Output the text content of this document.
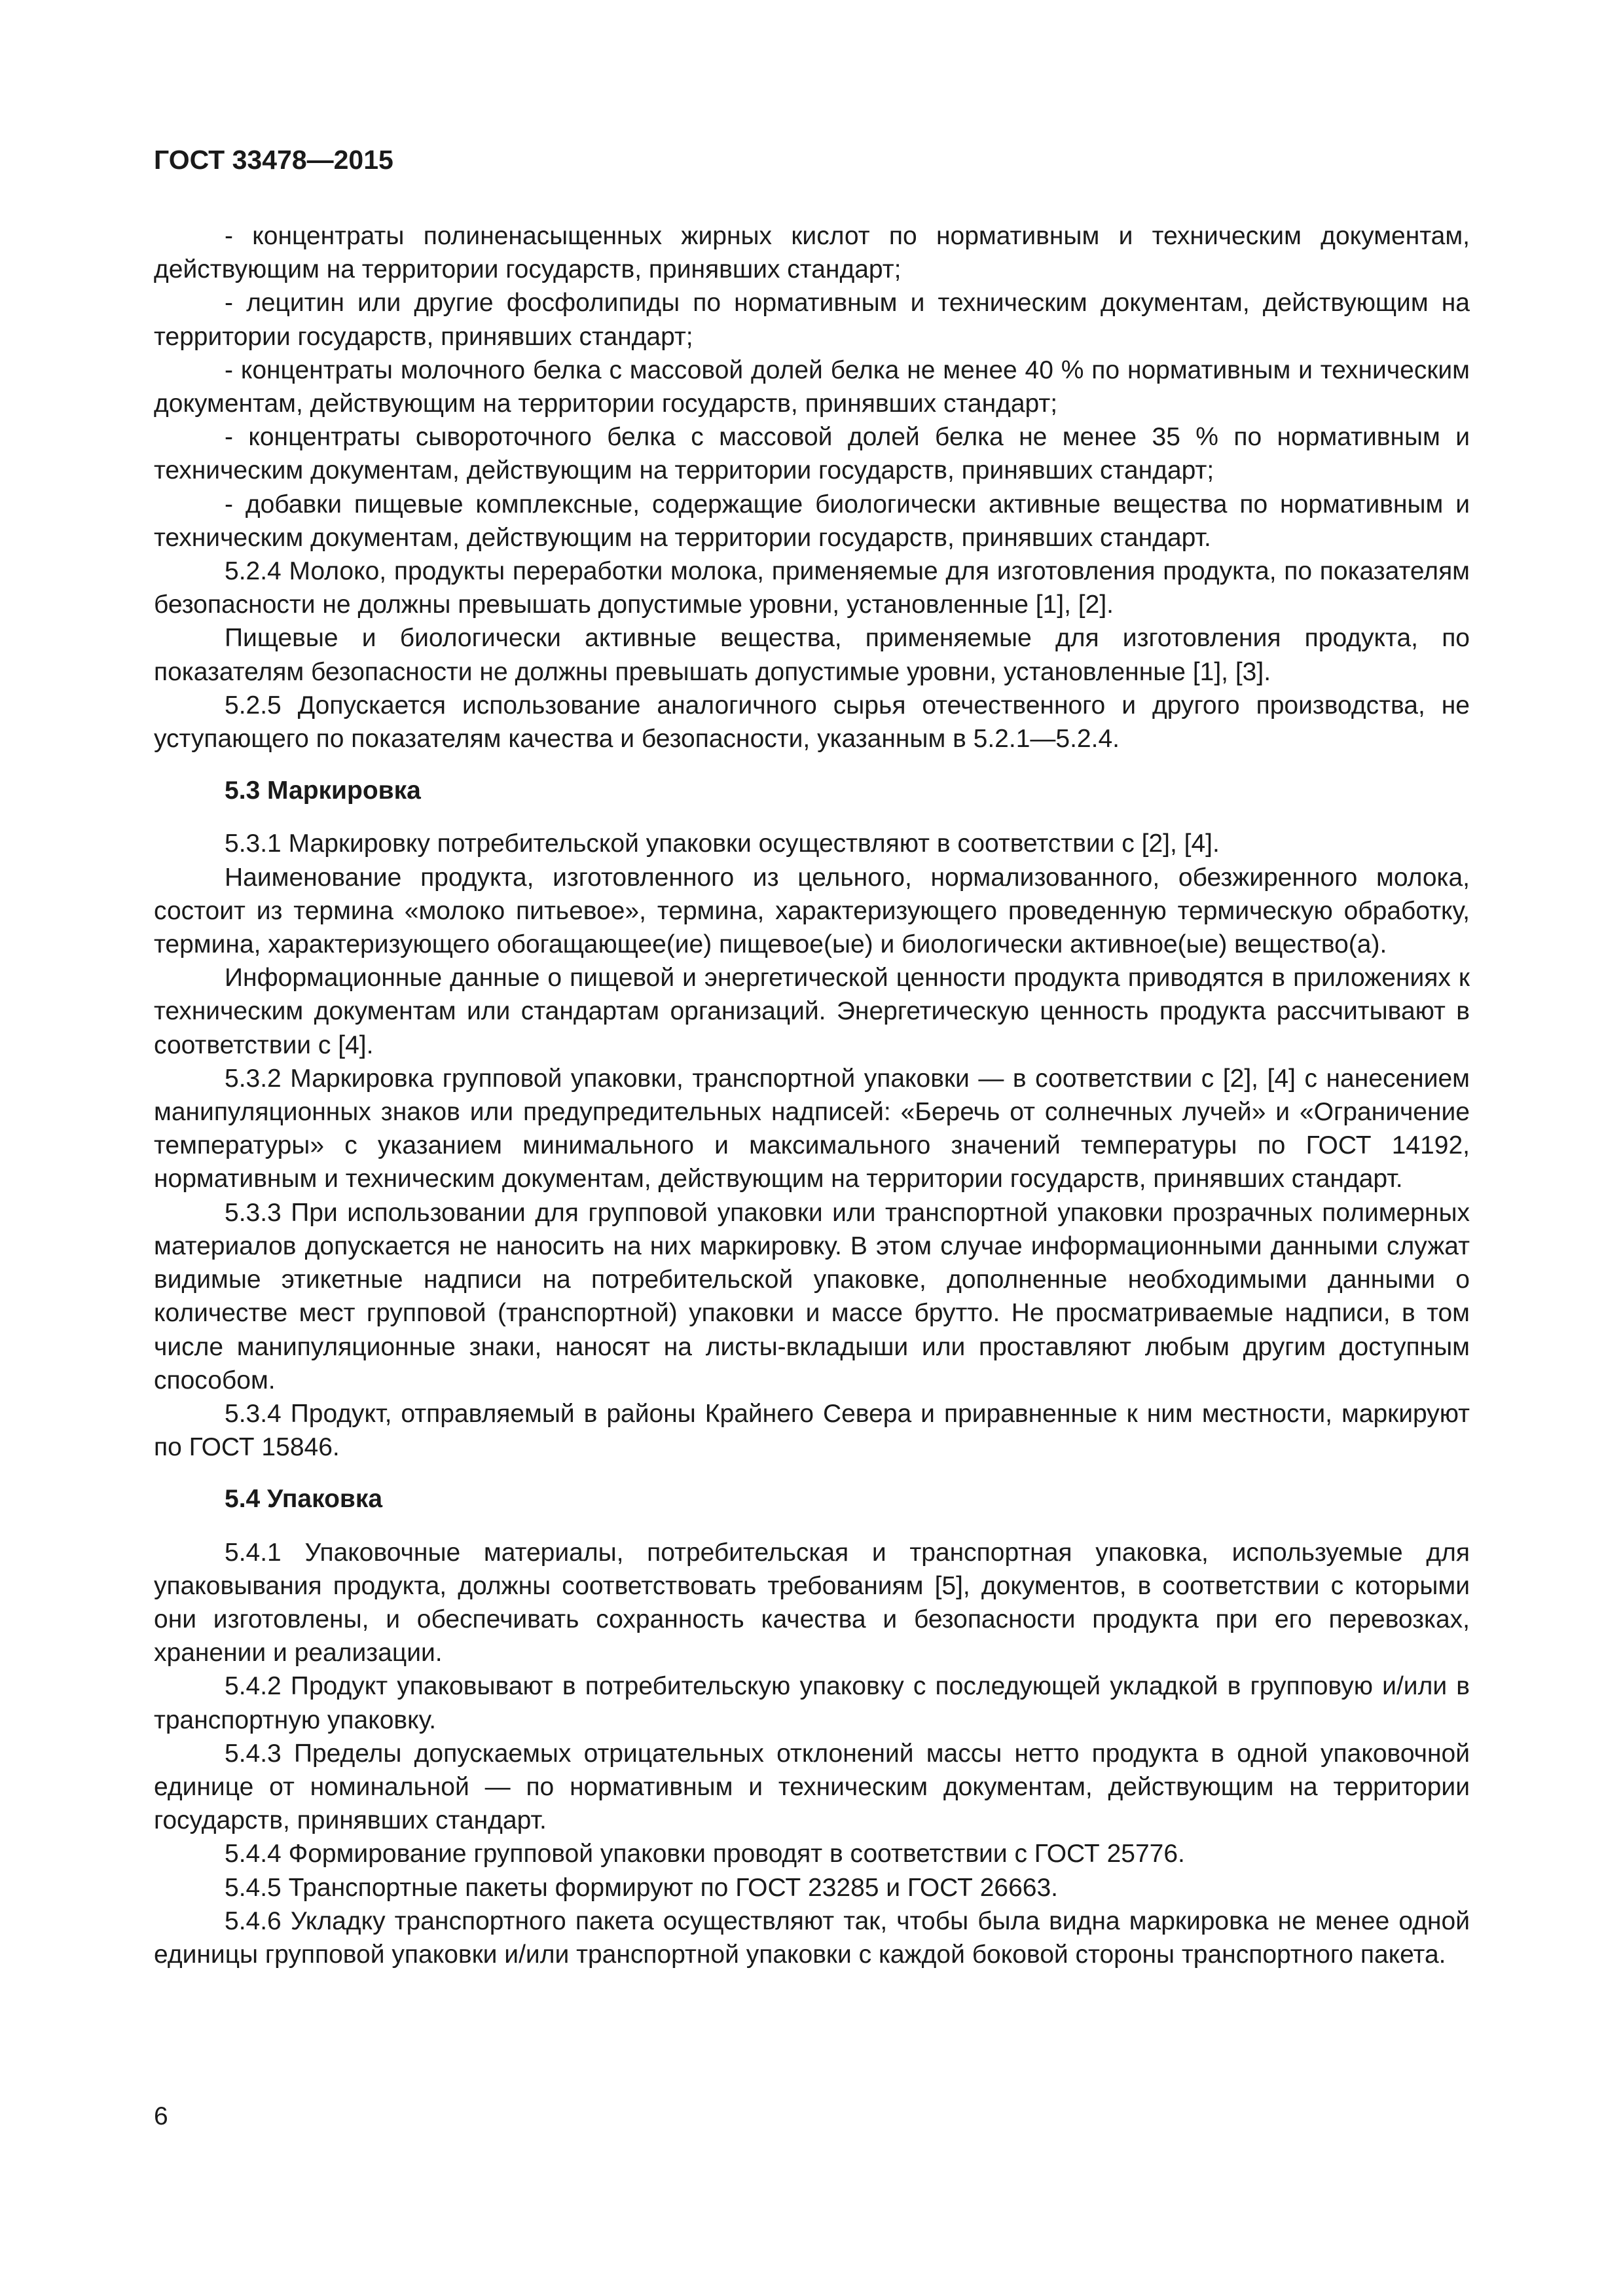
ГОСТ 33478—2015

- концентраты полиненасыщенных жирных кислот по нормативным и техническим документам, действующим на территории государств, принявших стандарт;

- лецитин или другие фосфолипиды по нормативным и техническим документам, действующим на территории государств, принявших стандарт;

- концентраты молочного белка с массовой долей белка не менее 40 % по нормативным и техническим документам, действующим на территории государств, принявших стандарт;

- концентраты сывороточного белка с массовой долей белка не менее 35 % по нормативным и техническим документам, действующим на территории государств, принявших стандарт;

- добавки пищевые комплексные, содержащие биологически активные вещества по нормативным и техническим документам, действующим на территории государств, принявших стандарт.

5.2.4 Молоко, продукты переработки молока, применяемые для изготовления продукта, по показателям безопасности не должны превышать допустимые уровни, установленные [1], [2].

Пищевые и биологически активные вещества, применяемые для изготовления продукта, по показателям безопасности не должны превышать допустимые уровни, установленные [1], [3].

5.2.5 Допускается использование аналогичного сырья отечественного и другого производства, не уступающего по показателям качества и безопасности, указанным в 5.2.1—5.2.4.

5.3 Маркировка

5.3.1 Маркировку потребительской упаковки осуществляют в соответствии с [2], [4].

Наименование продукта, изготовленного из цельного, нормализованного, обезжиренного молока, состоит из термина «молоко питьевое», термина, характеризующего проведенную термическую обработку, термина, характеризующего обогащающее(ие) пищевое(ые) и биологически активное(ые) вещество(а).

Информационные данные о пищевой и энергетической ценности продукта приводятся в приложениях к техническим документам или стандартам организаций. Энергетическую ценность продукта рассчитывают в соответствии с [4].

5.3.2 Маркировка групповой упаковки, транспортной упаковки — в соответствии с [2], [4] с нанесением манипуляционных знаков или предупредительных надписей: «Беречь от солнечных лучей» и «Ограничение температуры» с указанием минимального и максимального значений температуры по ГОСТ 14192, нормативным и техническим документам, действующим на территории государств, принявших стандарт.

5.3.3 При использовании для групповой упаковки или транспортной упаковки прозрачных полимерных материалов допускается не наносить на них маркировку. В этом случае информационными данными служат видимые этикетные надписи на потребительской упаковке, дополненные необходимыми данными о количестве мест групповой (транспортной) упаковки и массе брутто. Не просматриваемые надписи, в том числе манипуляционные знаки, наносят на листы-вкладыши или проставляют любым другим доступным способом.

5.3.4 Продукт, отправляемый в районы Крайнего Севера и приравненные к ним местности, маркируют по ГОСТ 15846.

5.4 Упаковка

5.4.1 Упаковочные материалы, потребительская и транспортная упаковка, используемые для упаковывания продукта, должны соответствовать требованиям [5], документов, в соответствии с которыми они изготовлены, и обеспечивать сохранность качества и безопасности продукта при его перевозках, хранении и реализации.

5.4.2 Продукт упаковывают в потребительскую упаковку с последующей укладкой в групповую и/или в транспортную упаковку.

5.4.3 Пределы допускаемых отрицательных отклонений массы нетто продукта в одной упаковочной единице от номинальной — по нормативным и техническим документам, действующим на территории государств, принявших стандарт.

5.4.4 Формирование групповой упаковки проводят в соответствии с ГОСТ 25776.

5.4.5 Транспортные пакеты формируют по ГОСТ 23285 и ГОСТ 26663.

5.4.6 Укладку транспортного пакета осуществляют так, чтобы была видна маркировка не менее одной единицы групповой упаковки и/или транспортной упаковки с каждой боковой стороны транспортного пакета.

6
